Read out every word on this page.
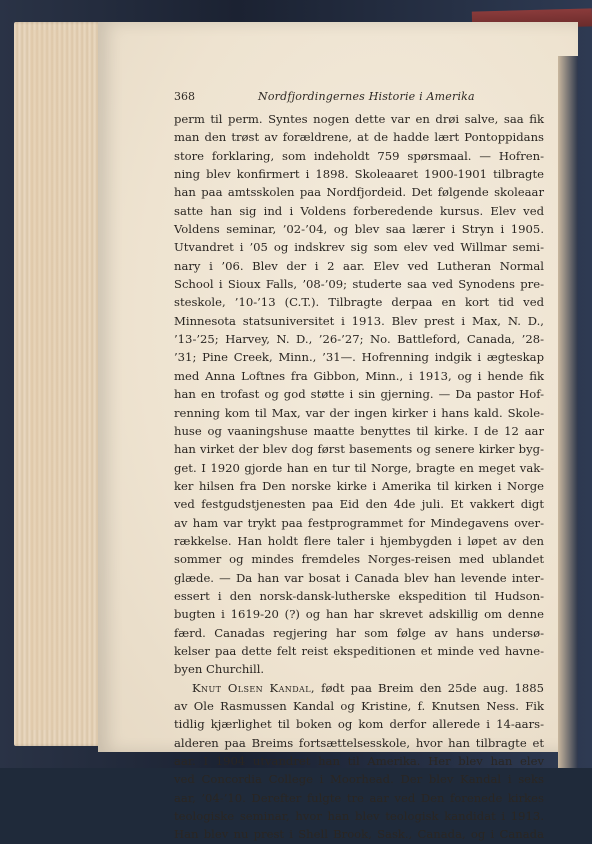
368	Nordfjordingernes Historie i Amerika
perm til perm. Syntes nogen dette var en drøi salve, saa fik
man den trøst av forældrene, at de hadde lært Pontoppidans
store forklaring, som indeholdt 759 spørsmaal. — Hofren-
ning blev konfirmert i 1898. Skoleaaret 1900-1901 tilbragte
han paa amtsskolen paa Nordfjordeid. Det følgende skoleaar
satte han sig ind i Voldens forberedende kursus. Elev ved
Voldens seminar, ’02-’04, og blev saa lærer i Stryn i 1905.
Utvandret i ’05 og indskrev sig som elev ved Willmar semi-
nary i ’06. Blev der i 2 aar. Elev ved Lutheran Normal
School i Sioux Falls, ’08-’09; studerte saa ved Synodens pre-
steskole, ’10-’13 (C.T.). Tilbragte derpaa en kort tid ved
Minnesota statsuniversitet i 1913. Blev prest i Max, N. D.,
’13-’25; Harvey, N. D., ’26-’27; No. Battleford, Canada, ’28-
’31; Pine Creek, Minn., ’31—. Hofrenning indgik i ægteskap
med Anna Loftnes fra Gibbon, Minn., i 1913, og i hende fik
han en trofast og god støtte i sin gjerning. — Da pastor Hof-
renning kom til Max, var der ingen kirker i hans kald. Skole-
huse og vaaningshuse maatte benyttes til kirke. I de 12 aar
han virket der blev dog først basements og senere kirker byg-
get. I 1920 gjorde han en tur til Norge, bragte en meget vak-
ker hilsen fra Den norske kirke i Amerika til kirken i Norge
ved festgudstjenesten paa Eid den 4de juli. Et vakkert digt
av ham var trykt paa festprogrammet for Mindegavens over-
rækkelse. Han holdt flere taler i hjembygden i løpet av den
sommer og mindes fremdeles Norges-reisen med ublandet
glæde. — Da han var bosat i Canada blev han levende inter-
essert i den norsk-dansk-lutherske ekspedition til Hudson-
bugten i 1619-20 (?) og han har skrevet adskillig om denne
færd. Canadas regjering har som følge av hans undersø-
kelser paa dette felt reist ekspeditionen et minde ved havne-
byen Churchill.
Knut Olsen Kandal, født paa Breim den 25de aug. 1885
av Ole Rasmussen Kandal og Kristine, f. Knutsen Ness. Fik
tidlig kjærlighet til boken og kom derfor allerede i 14-aars-
alderen paa Breims fortsættelsesskole, hvor han tilbragte et
aar. I 1904 utvandret han til Amerika. Her blev han elev
ved Concordia College i Moorhead. Der blev Kandal i seks
aar, ’04-’10. Derefter fulgte tre aar ved Den forenede kirkes
teologiske seminar, hvor han blev teologisk kandidat i 1913.
Han blev nu prest i Shell Brook, Sask., Canada, og i Canada
